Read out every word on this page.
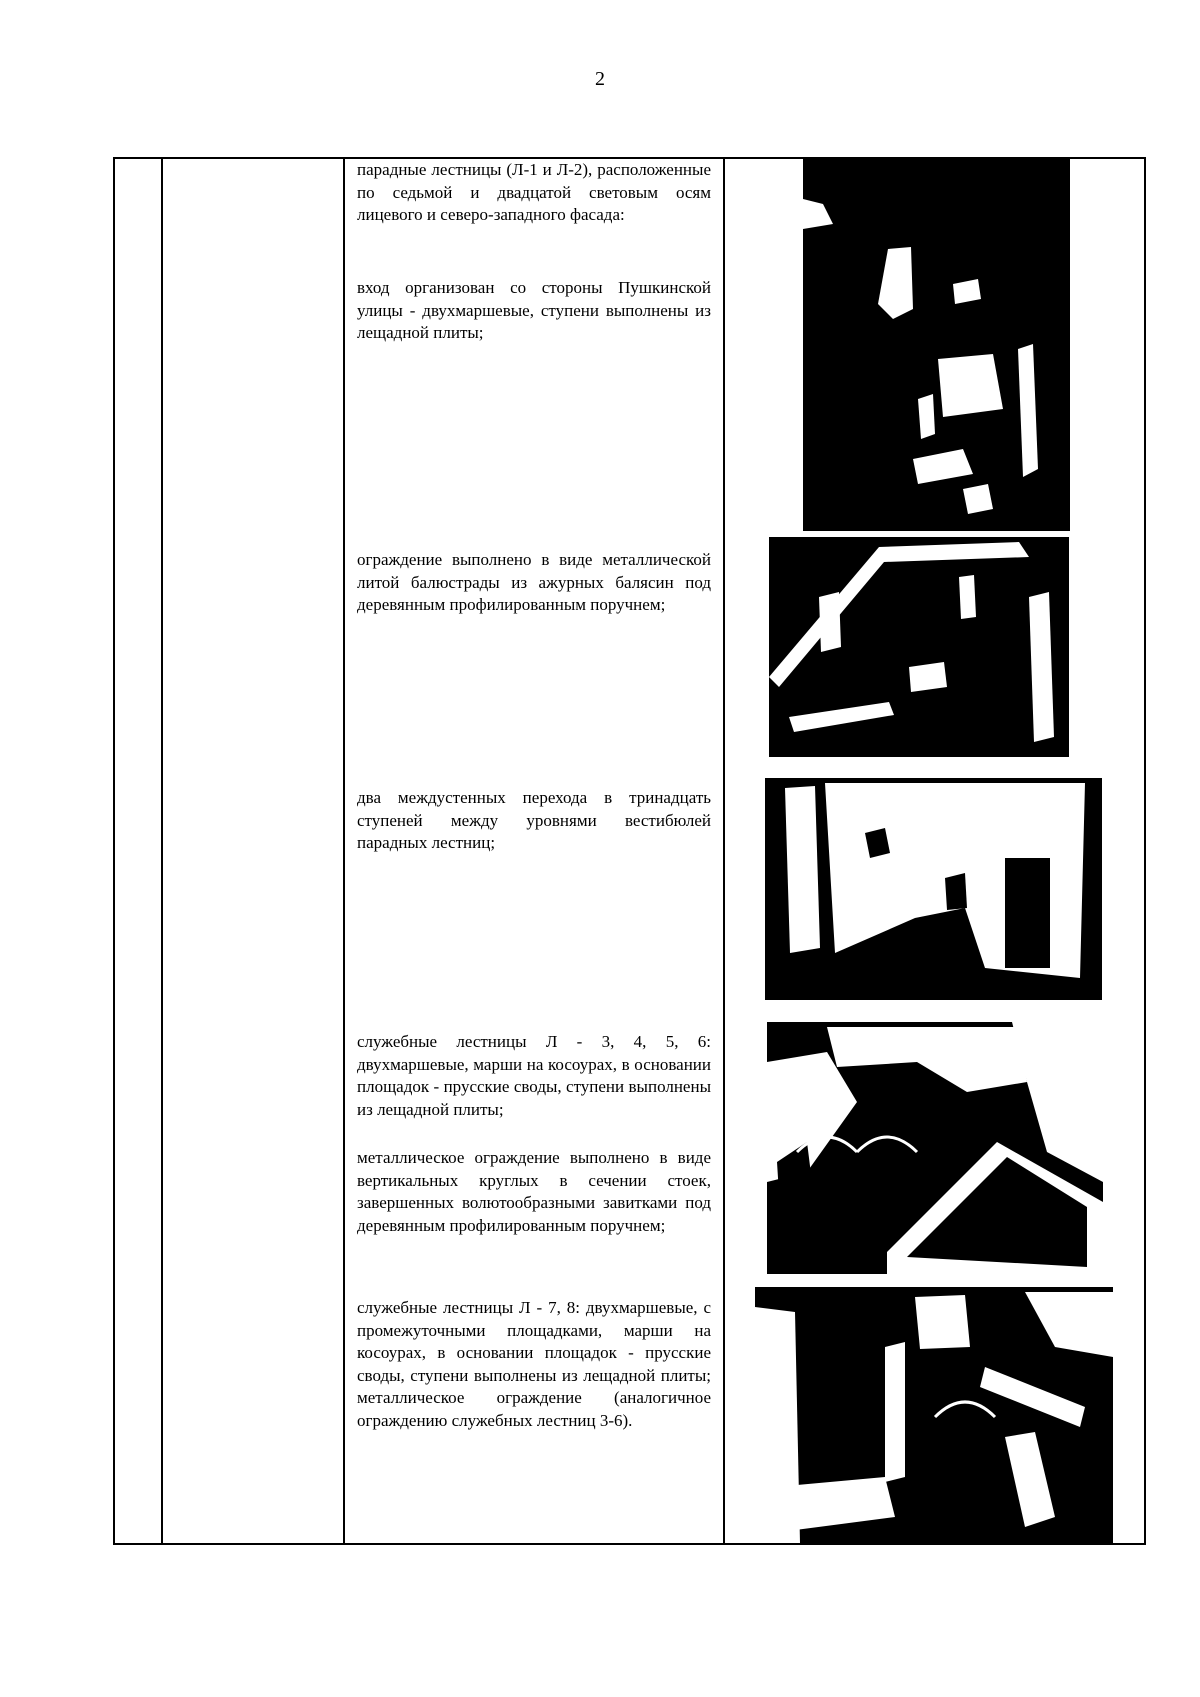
2

парадные лестницы (Л-1 и Л-2), расположенные по седьмой и двадцатой световым осям лицевого и северо-западного фасада:

вход организован со стороны Пушкинской улицы - двухмаршевые, ступени выполнены из лещадной плиты;

ограждение выполнено в виде металлической литой балюстрады из ажурных балясин под деревянным профилированным поручнем;

два междустенных перехода в тринадцать ступеней между уровнями вестибюлей парадных лестниц;

служебные лестницы Л - 3, 4, 5, 6: двухмаршевые, марши на косоурах, в основании площадок - прусские своды, ступени выполнены из лещадной плиты;

металлическое ограждение выполнено в виде вертикальных круглых в сечении стоек, завершенных волютообразными завитками под деревянным профилированным поручнем;

служебные лестницы Л - 7, 8: двухмаршевые, с промежуточными площадками, марши на косоурах, в основании площадок - прусские своды, ступени выполнены из лещадной плиты; металлическое ограждение (аналогичное ограждению служебных лестниц 3-6).
